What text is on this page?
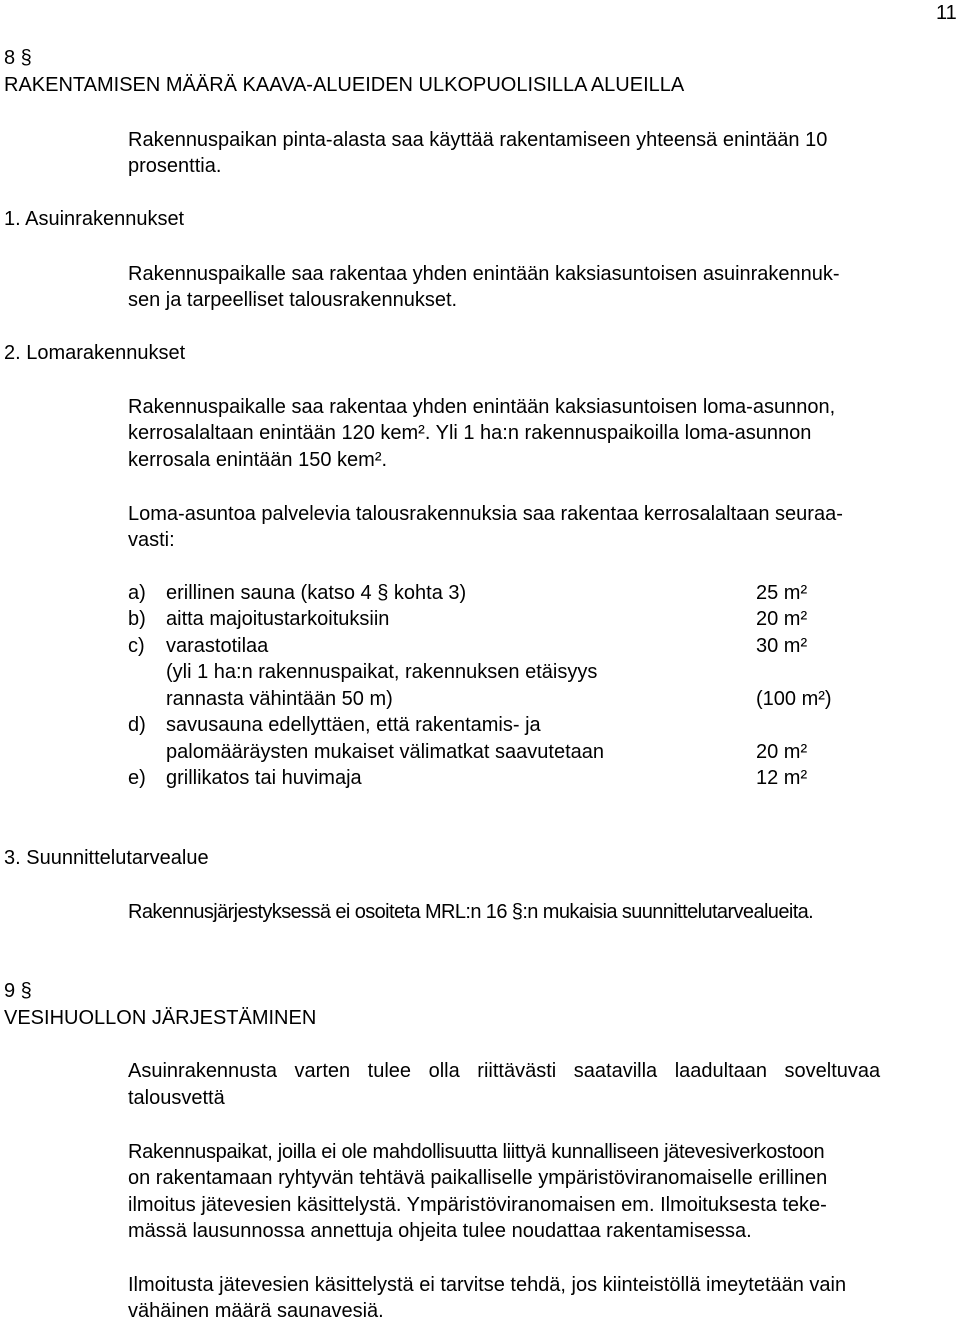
11
8 §
RAKENTAMISEN MÄÄRÄ KAAVA-ALUEIDEN ULKOPUOLISILLA ALUEILLA
Rakennuspaikan pinta-alasta saa käyttää rakentamiseen yhteensä enintään 10
prosenttia.
1. Asuinrakennukset
Rakennuspaikalle saa rakentaa yhden enintään kaksiasuntoisen asuinrakennuk-
sen ja tarpeelliset talousrakennukset.
2. Lomarakennukset
Rakennuspaikalle saa rakentaa yhden enintään kaksiasuntoisen loma-asunnon,
kerrosalaltaan enintään 120 kem². Yli 1 ha:n rakennuspaikoilla loma-asunnon
kerrosala enintään 150 kem².
Loma-asuntoa palvelevia talousrakennuksia saa rakentaa kerrosalaltaan seuraa-
vasti:
a) erillinen sauna (katso 4 § kohta 3)	25 m²
b) aitta majoitustarkoituksiin	20 m²
c) varastotilaa	30 m²
(yli 1 ha:n rakennuspaikat, rakennuksen etäisyys
rannasta vähintään 50 m)	(100 m²)
d) savusauna edellyttäen, että rakentamis- ja
palomääräysten mukaiset välimatkat saavutetaan	20 m²
e) grillikatos tai huvimaja	12 m²
3. Suunnittelutarvealue
Rakennusjärjestyksessä ei osoiteta MRL:n 16 §:n mukaisia suunnittelutarvealueita.
9 §
VESIHUOLLON JÄRJESTÄMINEN
Asuinrakennusta varten tulee olla riittävästi saatavilla laadultaan soveltuvaa
talousvettä
Rakennuspaikat, joilla ei ole mahdollisuutta liittyä kunnalliseen jätevesiverkostoon
on rakentamaan ryhtyvän tehtävä paikalliselle ympäristöviranomaiselle erillinen
ilmoitus jätevesien käsittelystä. Ympäristöviranomaisen em. Ilmoituksesta teke-
mässä lausunnossa annettuja ohjeita tulee noudattaa rakentamisessa.
Ilmoitusta jätevesien käsittelystä ei tarvitse tehdä, jos kiinteistöllä imeytetään vain
vähäinen määrä saunavesiä.
